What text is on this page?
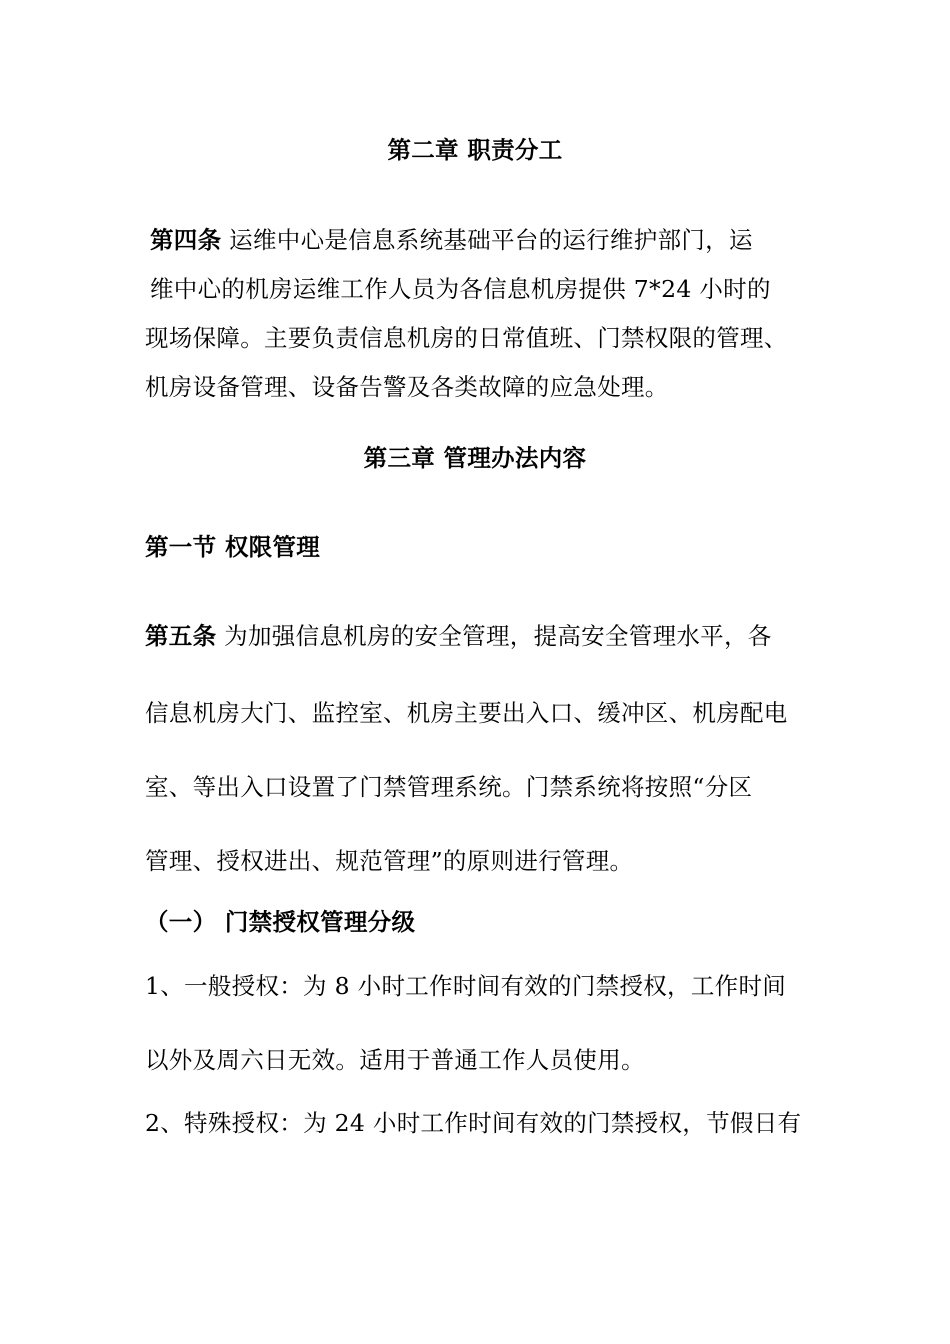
第二章 职责分工
第四条 运维中心是信息系统基础平台的运行维护部门，运
维中心的机房运维工作人员为各信息机房提供 7*24 小时的
现场保障。主要负责信息机房的日常值班、门禁权限的管理、
机房设备管理、设备告警及各类故障的应急处理。
第三章 管理办法内容
第一节 权限管理
第五条 为加强信息机房的安全管理，提高安全管理水平，各
信息机房大门、监控室、机房主要出入口、缓冲区、机房配电
室、等出入口设置了门禁管理系统。门禁系统将按照“分区
管理、授权进出、规范管理”的原则进行管理。
（一） 门禁授权管理分级
1、一般授权：为 8 小时工作时间有效的门禁授权，工作时间
以外及周六日无效。适用于普通工作人员使用。
2、特殊授权：为 24 小时工作时间有效的门禁授权，节假日有
